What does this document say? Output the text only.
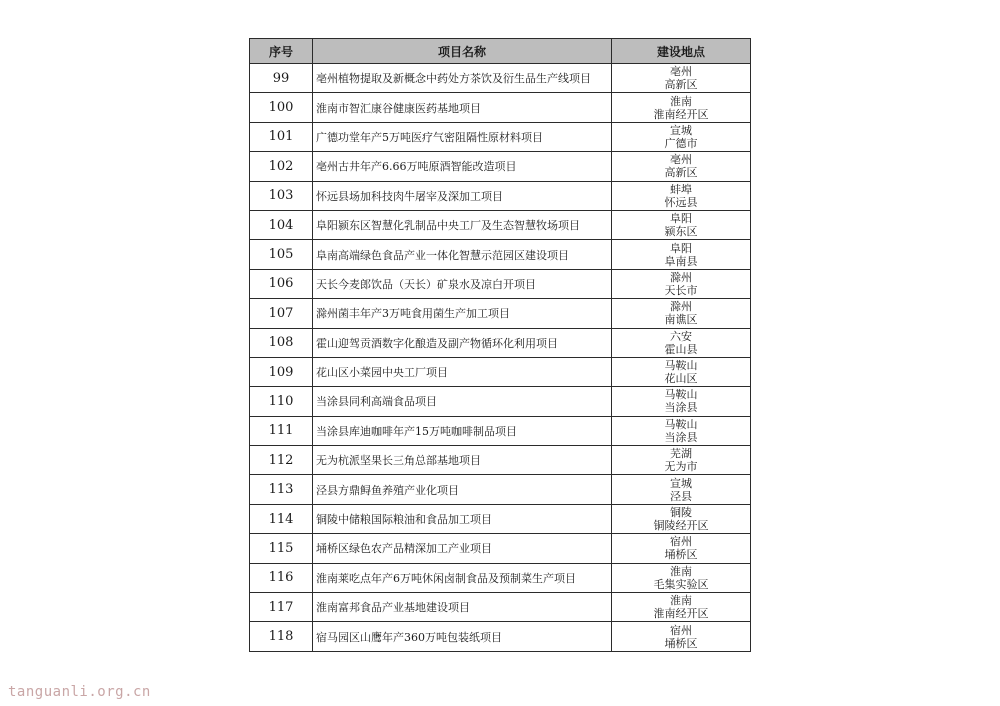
序号	项目名称	建设地点
99	亳州植物提取及新概念中药处方茶饮及衍生品生产线项目	亳州
高新区

100	淮南市智汇康谷健康医药基地项目	淮南
淮南经开区

101	广德功堂年产5万吨医疗气密阻隔性原材料项目	宣城
广德市

102	亳州古井年产6.66万吨原酒智能改造项目	亳州
高新区

103	怀远县场加科技肉牛屠宰及深加工项目	蚌埠
怀远县

104	阜阳颍东区智慧化乳制品中央工厂及生态智慧牧场项目	阜阳
颍东区

105	阜南高端绿色食品产业一体化智慧示范园区建设项目	阜阳
阜南县

106	天长今麦郎饮品（天长）矿泉水及凉白开项目	滁州
天长市

107	滁州菌丰年产3万吨食用菌生产加工项目	滁州
南谯区

108	霍山迎驾贡酒数字化酿造及副产物循环化利用项目	六安
霍山县

109	花山区小菜园中央工厂项目	马鞍山
花山区

110	当涂县同利高端食品项目	马鞍山
当涂县

111	当涂县库迪咖啡年产15万吨咖啡制品项目	马鞍山
当涂县

112	无为杭派坚果长三角总部基地项目	芜湖
无为市

113	泾县方鼎鲟鱼养殖产业化项目	宣城
泾县

114	铜陵中储粮国际粮油和食品加工项目	铜陵
铜陵经开区

115	埇桥区绿色农产品精深加工产业项目	宿州
埇桥区

116	淮南莱吃点年产6万吨休闲卤制食品及预制菜生产项目	淮南
毛集实验区

117	淮南富邦食品产业基地建设项目	淮南
淮南经开区

118	宿马园区山鹰年产360万吨包装纸项目	宿州
埇桥区
tanguanli.org.cn
